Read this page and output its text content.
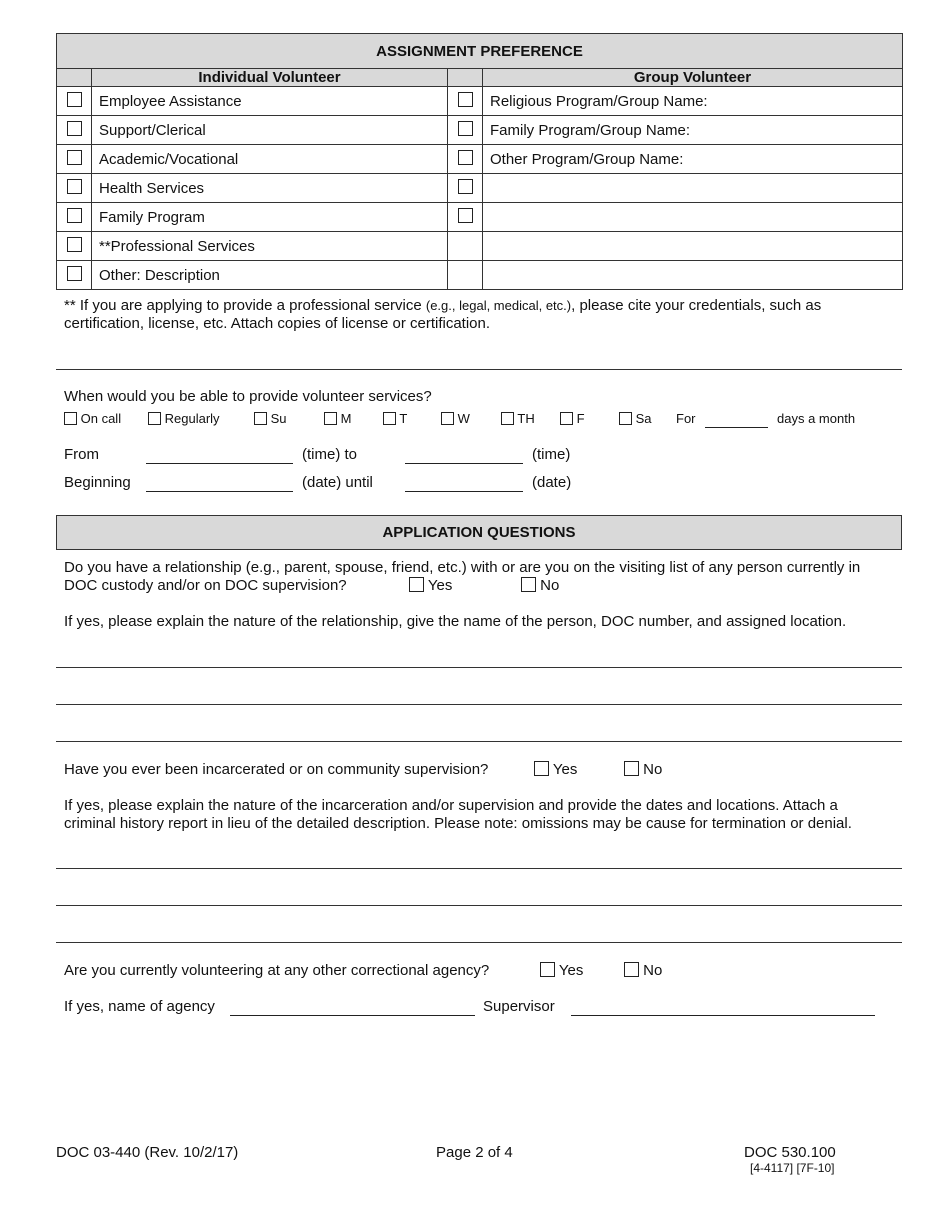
ASSIGNMENT PREFERENCE			
	Individual Volunteer		Group Volunteer
	Employee Assistance		Religious Program/Group Name:
	Support/Clerical		Family Program/Group Name:
	Academic/Vocational		Other Program/Group Name:
	Health Services		
	Family Program		
	**Professional Services		
	Other: Description		
** If you are applying to provide a professional service (e.g., legal, medical, etc.), please cite your credentials, such as
certification, license, etc. Attach copies of license or certification.
When would you be able to provide volunteer services?
On call	Regularly	Su	M	T	W	TH	F	Sa For	days a month
From	(time) to	(time)
Beginning	(date) until	(date)
APPLICATION QUESTIONS
Do you have a relationship (e.g., parent, spouse, friend, etc.) with or are you on the visiting list of any person currently in
DOC custody and/or on DOC supervision?	Yes	No
If yes, please explain the nature of the relationship, give the name of the person, DOC number, and assigned location.
Have you ever been incarcerated or on community supervision?	Yes	No
If yes, please explain the nature of the incarceration and/or supervision and provide the dates and locations. Attach a
criminal history report in lieu of the detailed description. Please note: omissions may be cause for termination or denial.
Are you currently volunteering at any other correctional agency?	Yes	No
If yes, name of agency	Supervisor
DOC 03-440 (Rev. 10/2/17)	Page 2 of 4	DOC 530.100
[4-4117] [7F-10]
